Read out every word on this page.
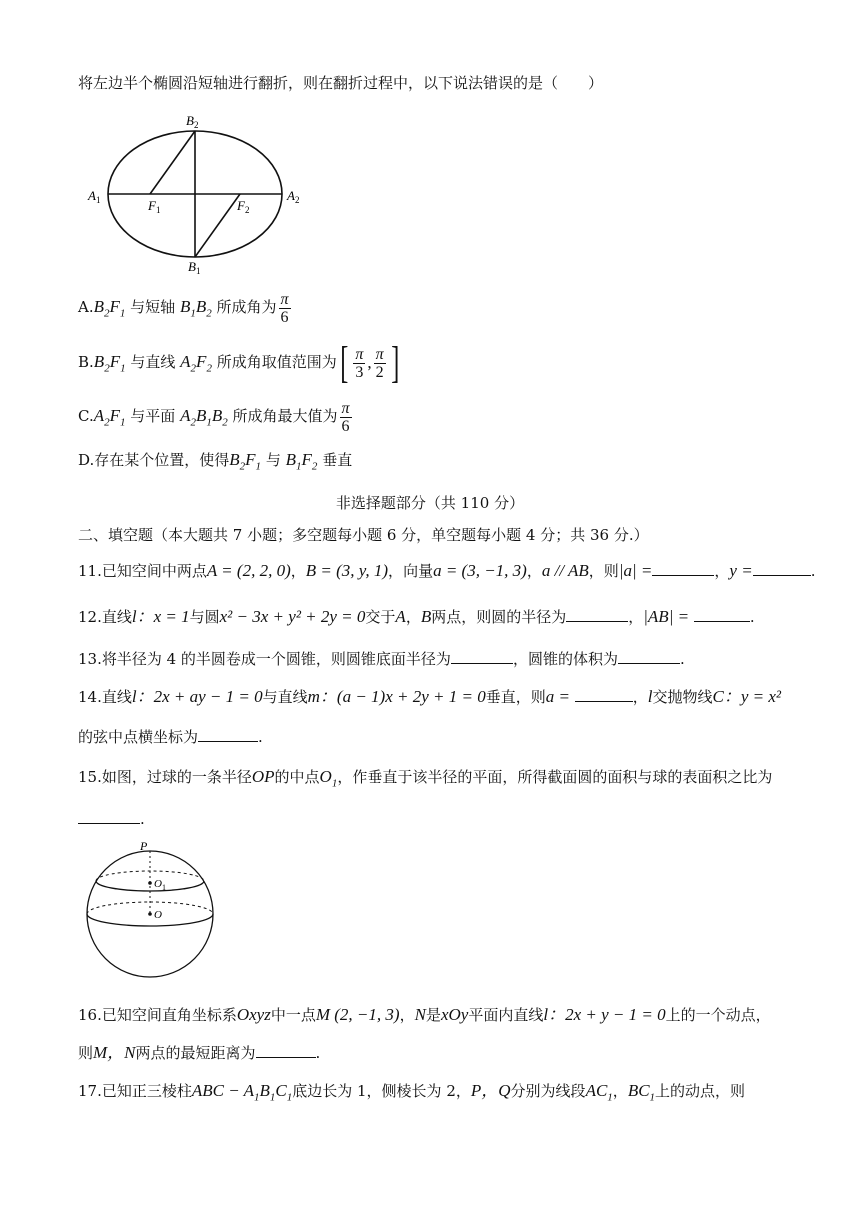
将左边半个椭圆沿短轴进行翻折，则在翻折过程中，以下说法错误的是（　　）
$B_2$
$B_1$
$A_1$	$A_2$
$F_1$	$F_2$
$A.B_2F_1$ 与短轴 $B_1B_2$ 所成角为 $\frac{\pi}{6}$
$B.B_2F_1$ 与直线 $A_2F_2$ 所成角取值范围为 [ $\frac{\pi}{3}$ , $\frac{\pi}{2}$ ]
$C.A_2F_1$ 与平面 $A_2B_1B_2$ 所成角最大值为 $\frac{\pi}{6}$
D.存在某个位置，使得$B_2F_1$ 与 $B_1F_2$ 垂直
非选择题部分（共 110 分）
二、填空题（本大题共 7 小题；多空题每小题 6 分，单空题每小题 4 分；共 36 分.）
11.已知空间中两点A = (2, 2, 0)，B = (3, y, 1)，向量a = (3, −1, 3)，a // AB，则|a| =	，y =	.
12.直线l：x = 1与圆x² − 3x + y² + 2y = 0交于A，B两点，则圆的半径为	，|AB| =	.
13.将半径为 4 的半圆卷成一个圆锥，则圆锥底面半径为	，圆锥的体积为	.
14.直线l：2x + ay − 1 = 0与直线m：(a − 1)x + 2y + 1 = 0垂直，则a =	，l交抛物线C：y = x²
的弦中点横坐标为	.
15.如图，过球的一条半径OP的中点$O_1$，作垂直于该半径的平面，所得截面圆的面积与球的表面积之比为
.
P
$O_1$
O
16.已知空间直角坐标系Oxyz中一点M (2, −1, 3)，N是xOy平面内直线l：2x + y − 1 = 0上的一个动点，
则M，N两点的最短距离为	.
17.已知正三棱柱ABC − $A_1B_1C_1$底边长为 1，侧棱长为 2，P，Q分别为线段$AC_1$，$BC_1$上的动点，则
